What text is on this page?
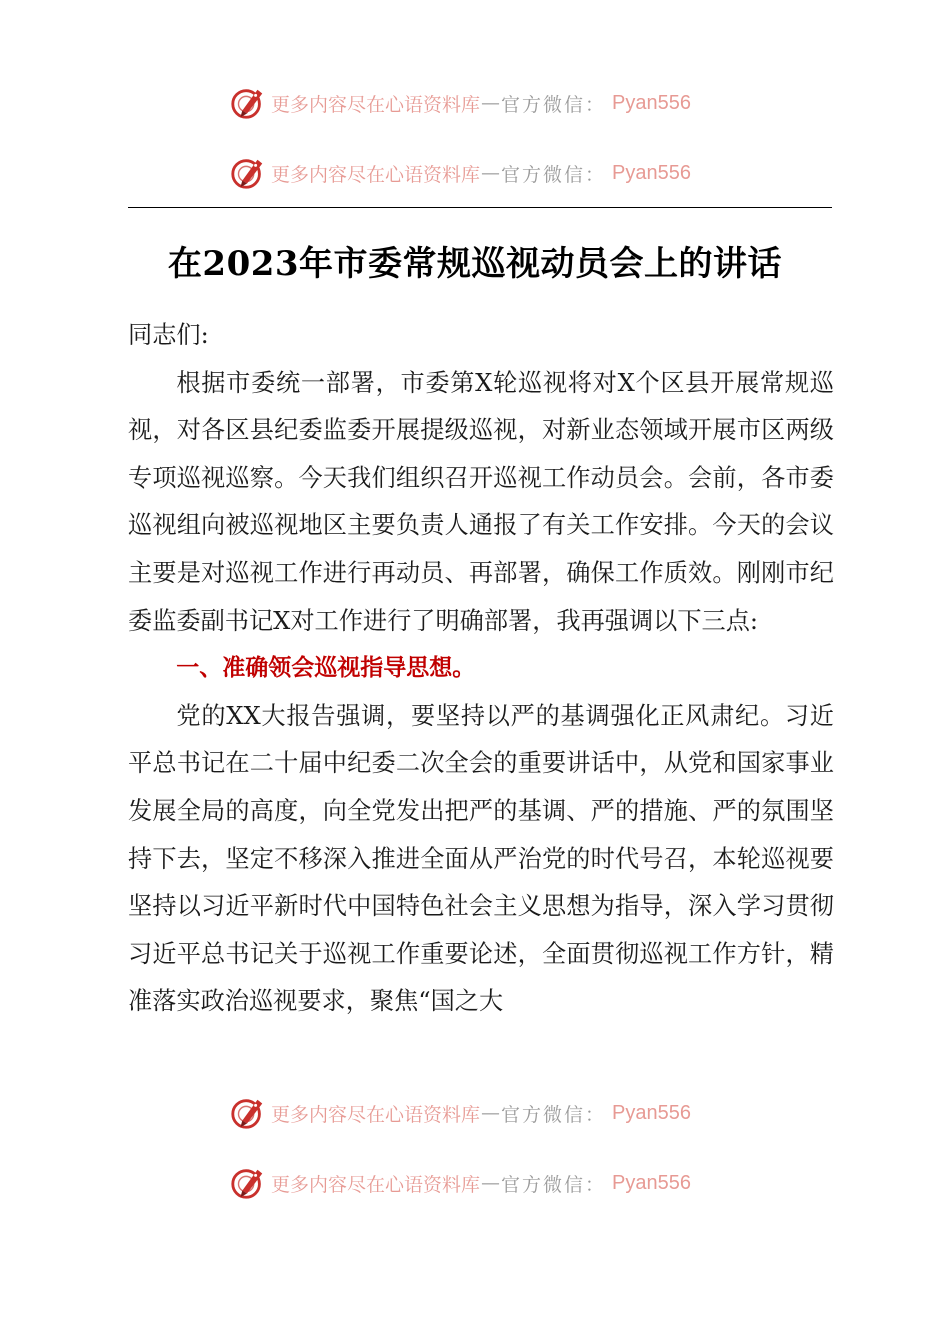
更多内容尽在心语资料库 — 官方微信： Pyan556
更多内容尽在心语资料库 — 官方微信： Pyan556
在2023年市委常规巡视动员会上的讲话

同志们:

根据市委统一部署，市委第X轮巡视将对X个区县开展常规巡视，对各区县纪委监委开展提级巡视，对新业态领域开展市区两级专项巡视巡察。今天我们组织召开巡视工作动员会。会前，各市委巡视组向被巡视地区主要负责人通报了有关工作安排。今天的会议主要是对巡视工作进行再动员、再部署，确保工作质效。刚刚市纪委监委副书记X对工作进行了明确部署，我再强调以下三点:

一、准确领会巡视指导思想。

党的XX大报告强调，要坚持以严的基调强化正风肃纪。习近平总书记在二十届中纪委二次全会的重要讲话中，从党和国家事业发展全局的高度，向全党发出把严的基调、严的措施、严的氛围坚持下去，坚定不移深入推进全面从严治党的时代号召，本轮巡视要坚持以习近平新时代中国特色社会主义思想为指导，深入学习贯彻习近平总书记关于巡视工作重要论述，全面贯彻巡视工作方针，精准落实政治巡视要求，聚焦“国之大

更多内容尽在心语资料库 — 官方微信： Pyan556
更多内容尽在心语资料库 — 官方微信： Pyan556
